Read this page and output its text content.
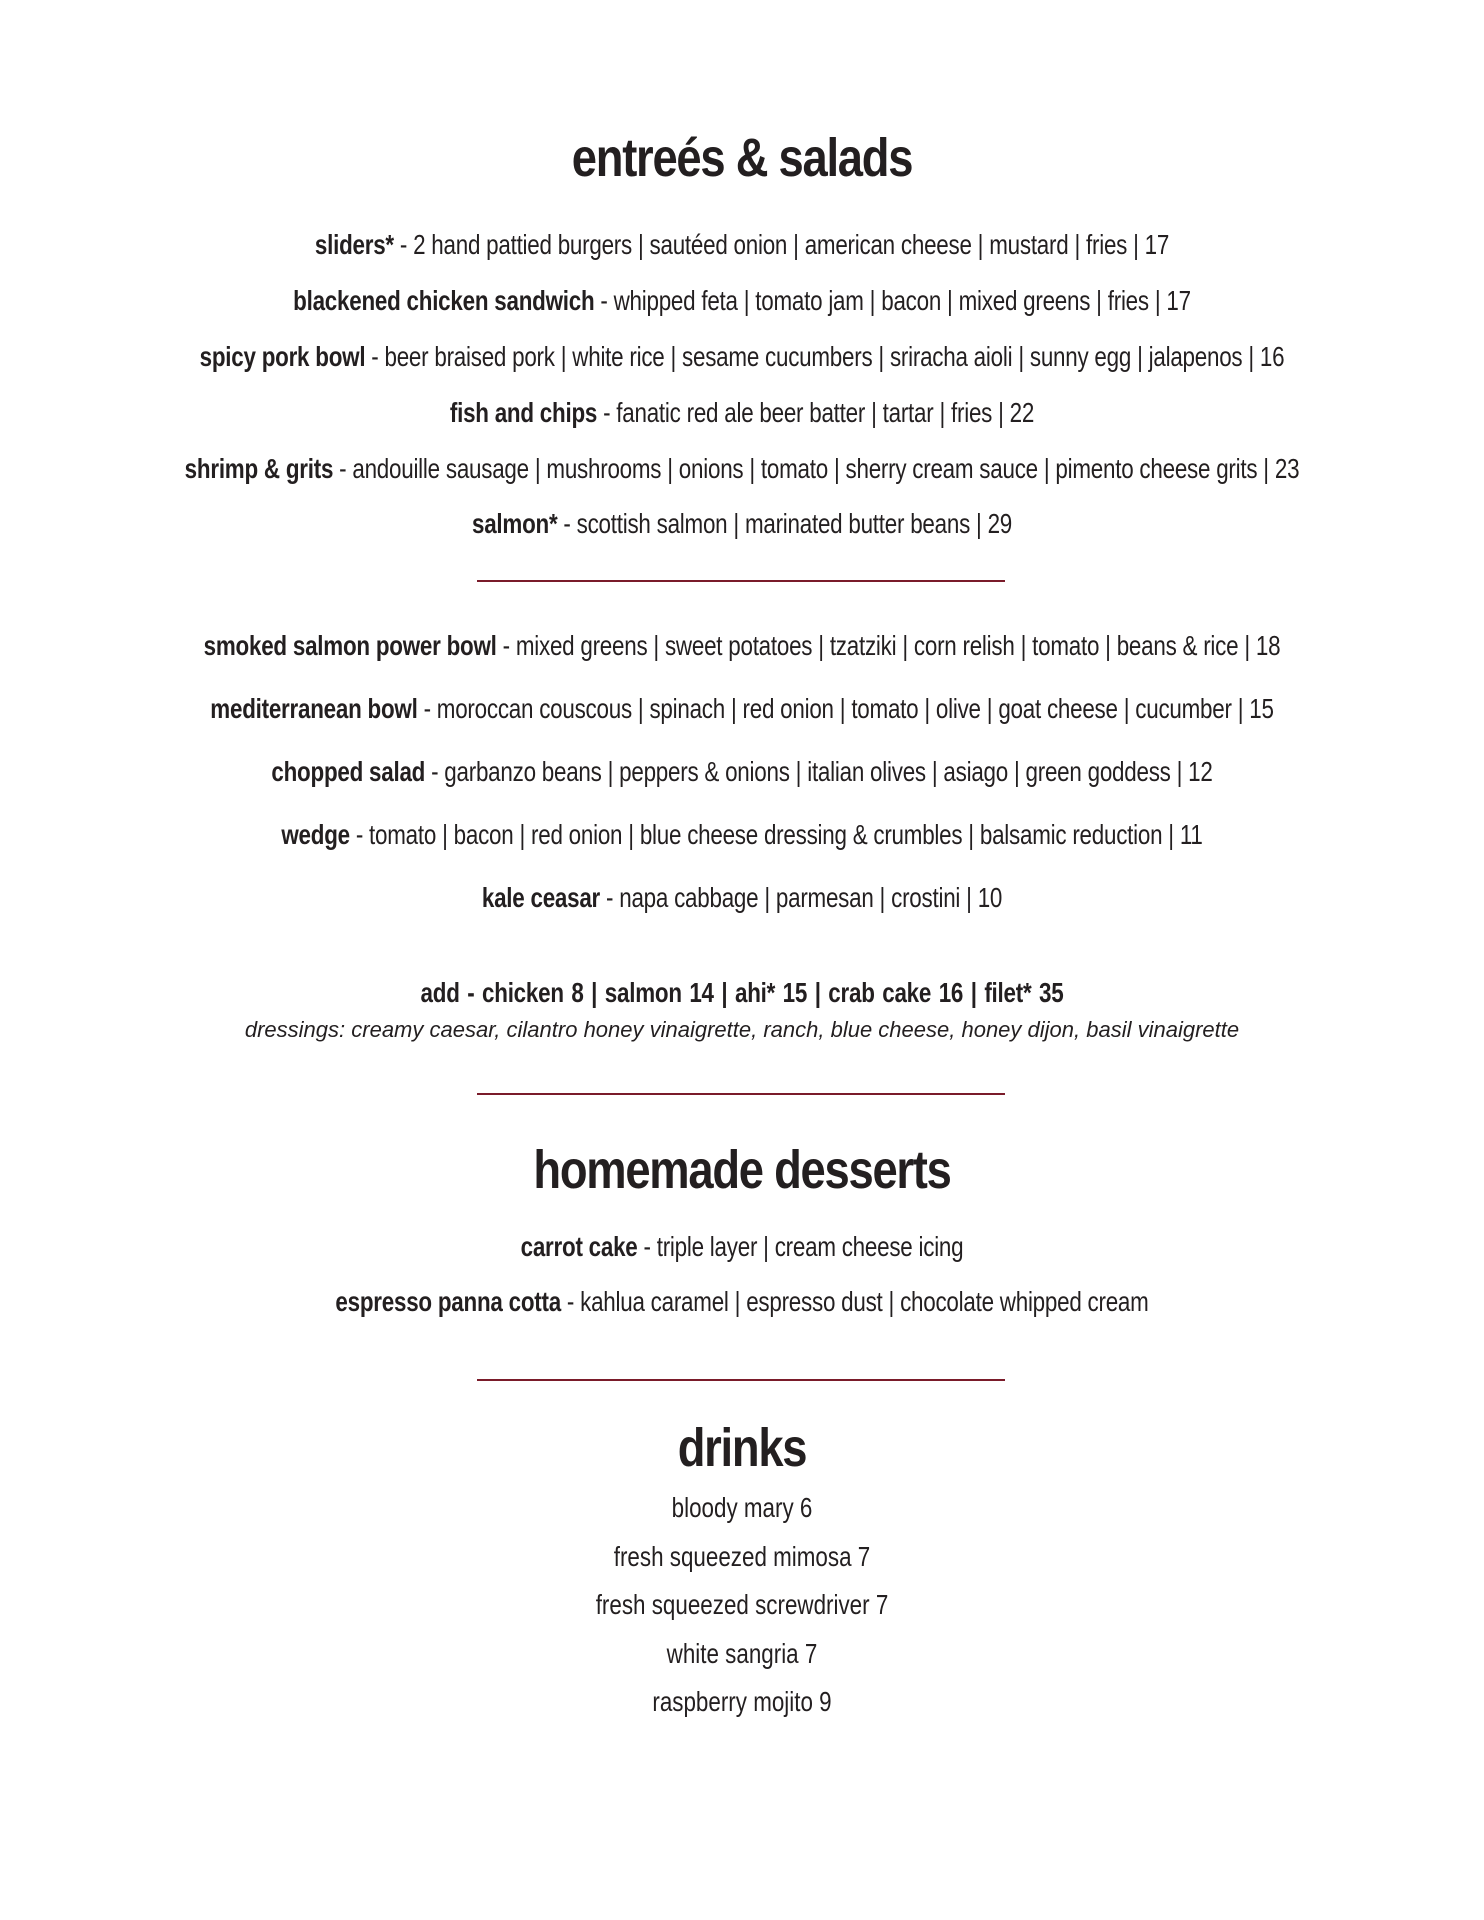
entreés & salads
sliders* - 2 hand pattied burgers | sautéed onion | american cheese | mustard | fries | 17
blackened chicken sandwich - whipped feta | tomato jam | bacon | mixed greens | fries | 17
spicy pork bowl - beer braised pork | white rice | sesame cucumbers | sriracha aioli | sunny egg | jalapenos | 16
fish and chips - fanatic red ale beer batter | tartar | fries | 22
shrimp & grits - andouille sausage | mushrooms | onions | tomato | sherry cream sauce | pimento cheese grits | 23
salmon* - scottish salmon | marinated butter beans | 29
smoked salmon power bowl - mixed greens | sweet potatoes | tzatziki | corn relish | tomato | beans & rice | 18
mediterranean bowl - moroccan couscous | spinach | red onion | tomato | olive | goat cheese | cucumber | 15
chopped salad - garbanzo beans | peppers & onions | italian olives | asiago | green goddess | 12
wedge - tomato | bacon | red onion | blue cheese dressing & crumbles | balsamic reduction | 11
kale ceasar - napa cabbage | parmesan | crostini | 10
add - chicken 8 | salmon 14 | ahi* 15 | crab cake 16 | filet* 35
dressings: creamy caesar, cilantro honey vinaigrette, ranch, blue cheese, honey dijon, basil vinaigrette
homemade desserts
carrot cake - triple layer | cream cheese icing
espresso panna cotta - kahlua caramel | espresso dust | chocolate whipped cream
drinks
bloody mary 6
fresh squeezed mimosa 7
fresh squeezed screwdriver 7
white sangria 7
raspberry mojito 9
